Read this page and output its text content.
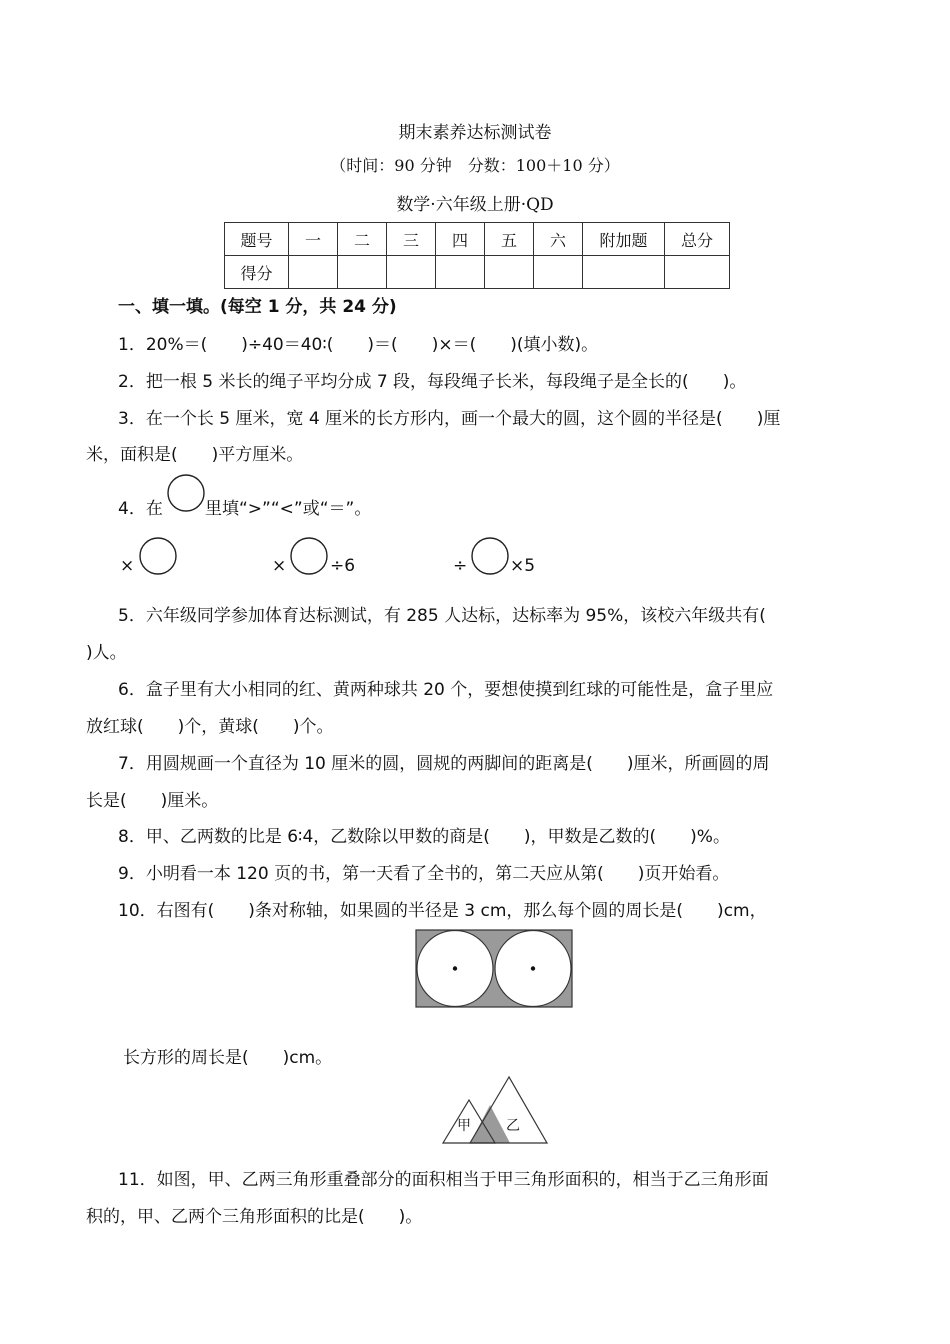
期末素养达标测试卷
（时间：90 分钟　分数：100＋10 分）
数学·六年级上册·QD
题号	一	二	三	四	五	六	附加题	总分
得分								
一、填一填。(每空 1 分，共 24 分)
1．20%＝(　　)÷40＝40∶(　　)＝(　　)×＝(　　)(填小数)。
2．把一根 5 米长的绳子平均分成 7 段，每段绳子长米，每段绳子是全长的(　　)。
3．在一个长 5 厘米，宽 4 厘米的长方形内，画一个最大的圆，这个圆的半径是(　　)厘
米，面积是(　　)平方厘米。
4．在 里填“>”“<”或“＝”。
×	×	÷6	÷	×5
5．六年级同学参加体育达标测试，有 285 人达标，达标率为 95%，该校六年级共有(
)人。
6．盒子里有大小相同的红、黄两种球共 20 个，要想使摸到红球的可能性是，盒子里应
放红球(　　)个，黄球(　　)个。
7．用圆规画一个直径为 10 厘米的圆，圆规的两脚间的距离是(　　)厘米，所画圆的周
长是(　　)厘米。
8．甲、乙两数的比是 6∶4，乙数除以甲数的商是(　　)，甲数是乙数的(　　)%。
9．小明看一本 120 页的书，第一天看了全书的，第二天应从第(　　)页开始看。
10．右图有(　　)条对称轴，如果圆的半径是 3 cm，那么每个圆的周长是(　　)cm，
长方形的周长是(　　)cm。
甲	乙
11．如图，甲、乙两三角形重叠部分的面积相当于甲三角形面积的，相当于乙三角形面
积的，甲、乙两个三角形面积的比是(　　)。
